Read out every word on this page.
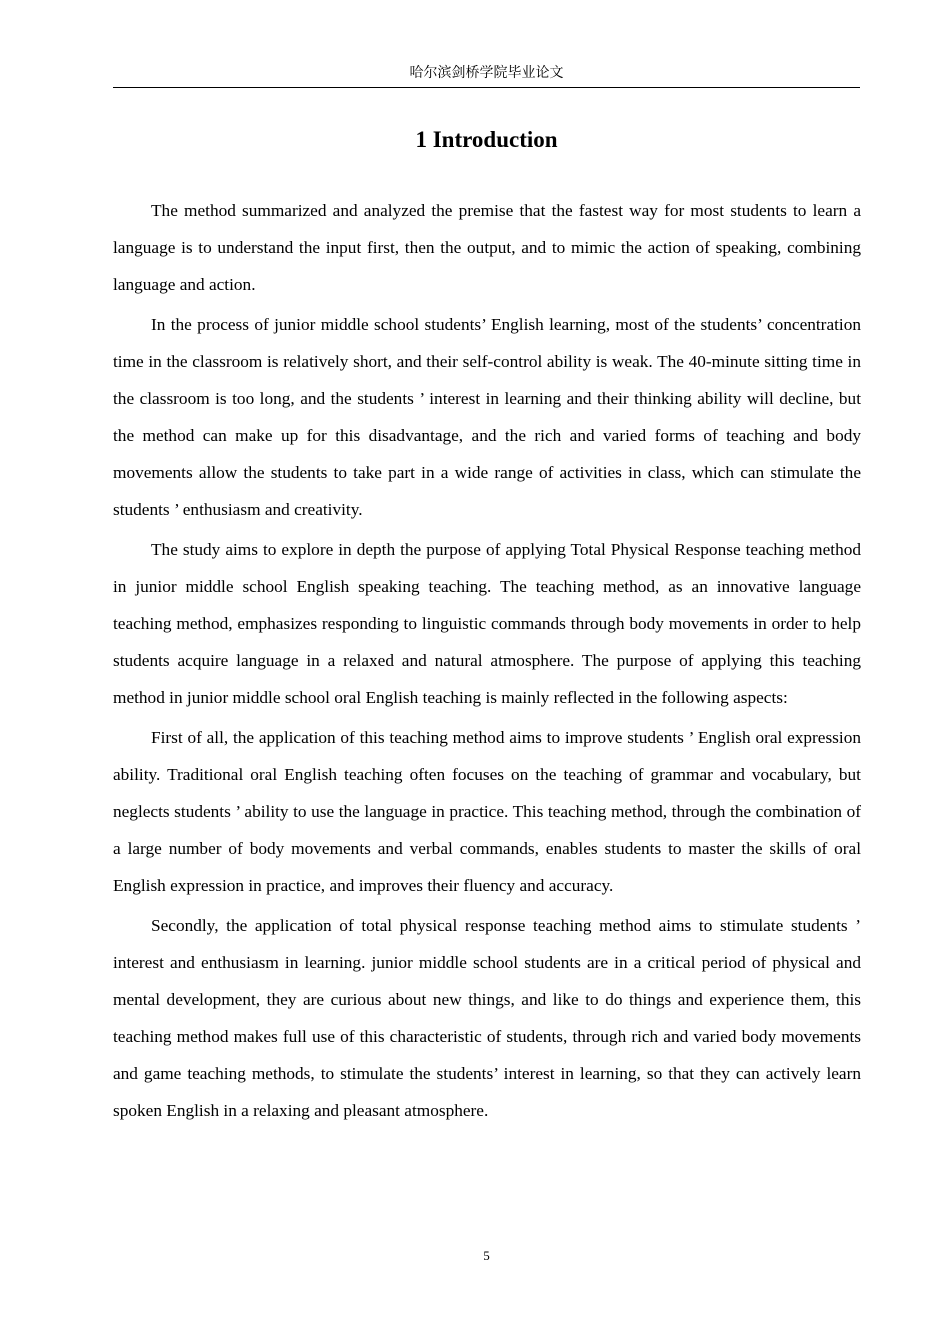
哈尔滨剑桥学院毕业论文
1 Introduction

The method summarized and analyzed the premise that the fastest way for most students to learn a language is to understand the input first, then the output, and to mimic the action of speaking, combining language and action.

In the process of junior middle school students’ English learning, most of the students’ concentration time in the classroom is relatively short, and their self-control ability is weak. The 40-minute sitting time in the classroom is too long, and the students ’ interest in learning and their thinking ability will decline, but the method can make up for this disadvantage, and the rich and varied forms of teaching and body movements allow the students to take part in a wide range of activities in class, which can stimulate the students ’ enthusiasm and creativity.

The study aims to explore in depth the purpose of applying Total Physical Response teaching method in junior middle school English speaking teaching. The teaching method, as an innovative language teaching method, emphasizes responding to linguistic commands through body movements in order to help students acquire language in a relaxed and natural atmosphere. The purpose of applying this teaching method in junior middle school oral English teaching is mainly reflected in the following aspects:

First of all, the application of this teaching method aims to improve students ’ English oral expression ability. Traditional oral English teaching often focuses on the teaching of grammar and vocabulary, but neglects students ’ ability to use the language in practice. This teaching method, through the combination of a large number of body movements and verbal commands, enables students to master the skills of oral English expression in practice, and improves their fluency and accuracy.

Secondly, the application of total physical response teaching method aims to stimulate students ’ interest and enthusiasm in learning. junior middle school students are in a critical period of physical and mental development, they are curious about new things, and like to do things and experience them, this teaching method makes full use of this characteristic of students, through rich and varied body movements and game teaching methods, to stimulate the students’ interest in learning, so that they can actively learn spoken English in a relaxing and pleasant atmosphere.

5
